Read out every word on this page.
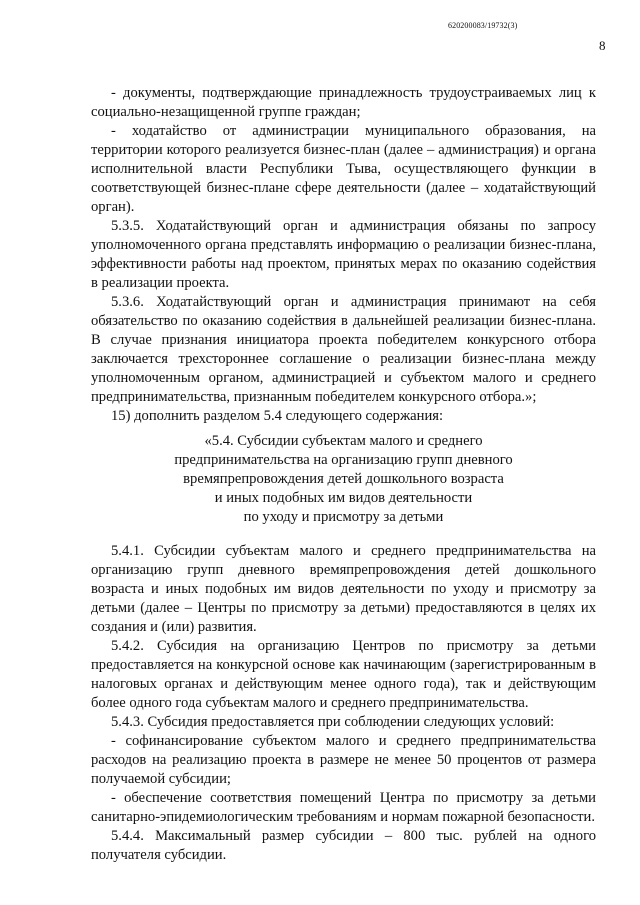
620200083/19732(3)
8

- документы, подтверждающие принадлежность трудоустраиваемых лиц к социально-незащищенной группе граждан;

- ходатайство от администрации муниципального образования, на территории которого реализуется бизнес-план (далее – администрация) и органа исполнительной власти Республики Тыва, осуществляющего функции в соответствующей бизнес-плане сфере деятельности (далее – ходатайствующий орган).

5.3.5. Ходатайствующий орган и администрация обязаны по запросу уполномоченного органа представлять информацию о реализации бизнес-плана, эффективности работы над проектом, принятых мерах по оказанию содействия в реализации проекта.

5.3.6. Ходатайствующий орган и администрация принимают на себя обязательство по оказанию содействия в дальнейшей реализации бизнес-плана. В случае признания инициатора проекта победителем конкурсного отбора заключается трехстороннее соглашение о реализации бизнес-плана между уполномоченным органом, администрацией и субъектом малого и среднего предпринимательства, признанным победителем конкурсного отбора.»;

15) дополнить разделом 5.4 следующего содержания:

«5.4. Субсидии субъектам малого и среднего
предпринимательства на организацию групп дневного
времяпрепровождения детей дошкольного возраста
и иных подобных им видов деятельности
по уходу и присмотру за детьми

5.4.1. Субсидии субъектам малого и среднего предпринимательства на организацию групп дневного времяпрепровождения детей дошкольного возраста и иных подобных им видов деятельности по уходу и присмотру за детьми (далее – Центры по присмотру за детьми) предоставляются в целях их создания и (или) развития.

5.4.2. Субсидия на организацию Центров по присмотру за детьми предоставляется на конкурсной основе как начинающим (зарегистрированным в налоговых органах и действующим менее одного года), так и действующим более одного года субъектам малого и среднего предпринимательства.

5.4.3. Субсидия предоставляется при соблюдении следующих условий:

- софинансирование субъектом малого и среднего предпринимательства расходов на реализацию проекта в размере не менее 50 процентов от размера получаемой субсидии;

- обеспечение соответствия помещений Центра по присмотру за детьми санитарно-эпидемиологическим требованиям и нормам пожарной безопасности.

5.4.4. Максимальный размер субсидии – 800 тыс. рублей на одного получателя субсидии.
